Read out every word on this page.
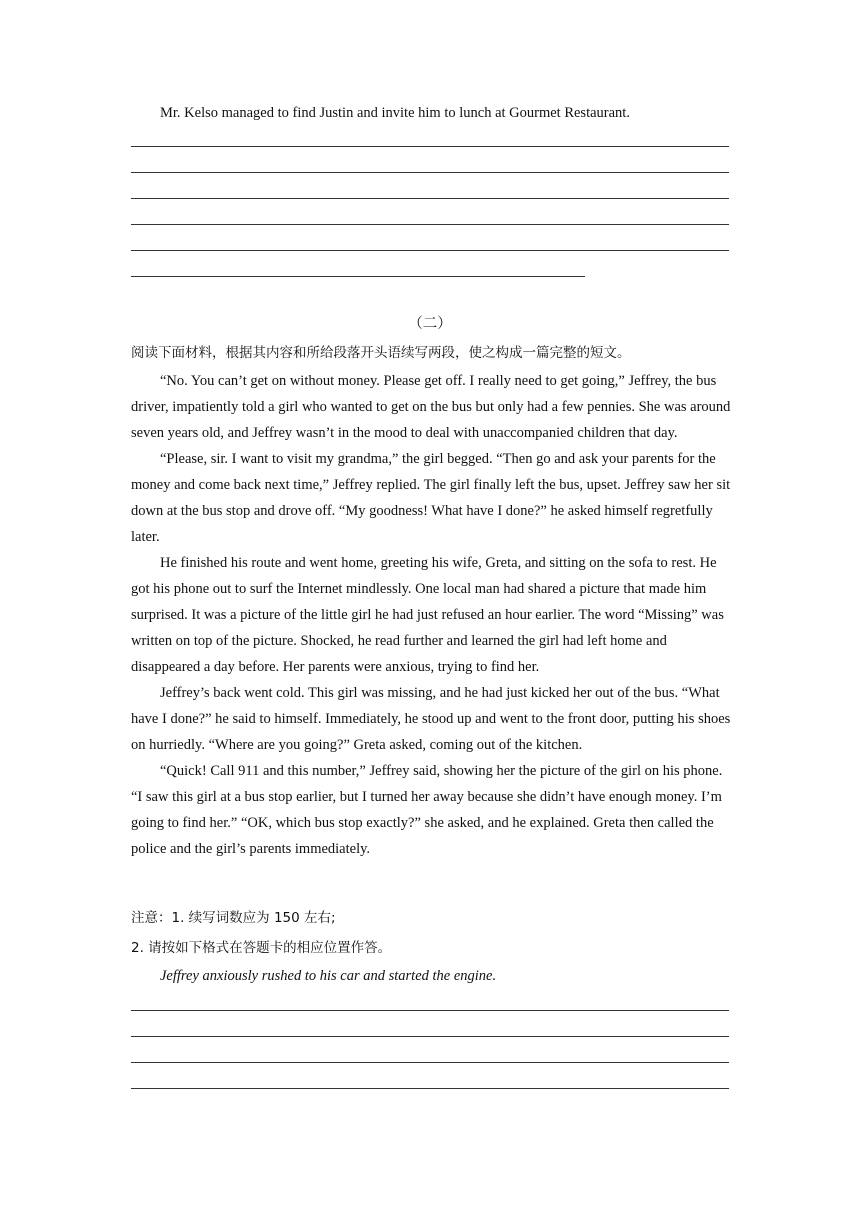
Mr. Kelso managed to find Justin and invite him to lunch at Gourmet Restaurant.
（二）
阅读下面材料，根据其内容和所给段落开头语续写两段，使之构成一篇完整的短文。

“No. You can’t get on without money. Please get off. I really need to get going,” Jeffrey, the bus driver, impatiently told a girl who wanted to get on the bus but only had a few pennies. She was around seven years old, and Jeffrey wasn’t in the mood to deal with unaccompanied children that day.

“Please, sir. I want to visit my grandma,” the girl begged. “Then go and ask your parents for the money and come back next time,” Jeffrey replied. The girl finally left the bus, upset. Jeffrey saw her sit down at the bus stop and drove off. “My goodness! What have I done?” he asked himself regretfully later.

He finished his route and went home, greeting his wife, Greta, and sitting on the sofa to rest. He got his phone out to surf the Internet mindlessly. One local man had shared a picture that made him surprised. It was a picture of the little girl he had just refused an hour earlier. The word “Missing” was written on top of the picture. Shocked, he read further and learned the girl had left home and disappeared a day before. Her parents were anxious, trying to find her.

Jeffrey’s back went cold. This girl was missing, and he had just kicked her out of the bus. “What have I done?” he said to himself. Immediately, he stood up and went to the front door, putting his shoes on hurriedly. “Where are you going?” Greta asked, coming out of the kitchen.

“Quick! Call 911 and this number,” Jeffrey said, showing her the picture of the girl on his phone. “I saw this girl at a bus stop earlier, but I turned her away because she didn’t have enough money. I’m going to find her.” “OK, which bus stop exactly?” she asked, and he explained. Greta then called the police and the girl’s parents immediately.

注意：1. 续写词数应为 150 左右;
2. 请按如下格式在答题卡的相应位置作答。
Jeffrey anxiously rushed to his car and started the engine.
